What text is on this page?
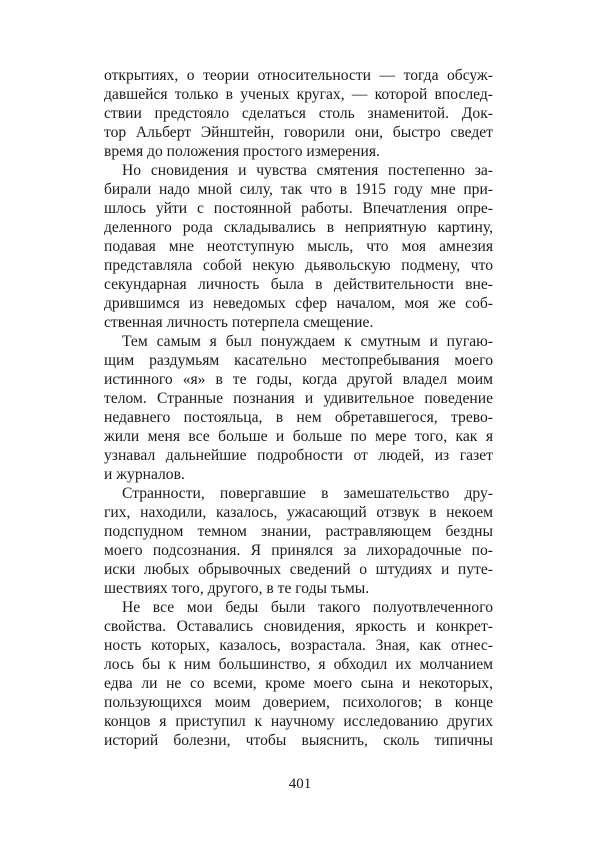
открытиях, о теории относительности — тогда обсуж-
давшейся только в ученых кругах, — которой впослед-
ствии предстояло сделаться столь знаменитой. Док-
тор Альберт Эйнштейн, говорили они, быстро сведет
время до положения простого измерения.
Но сновидения и чувства смятения постепенно за-
бирали надо мной силу, так что в 1915 году мне при-
шлось уйти с постоянной работы. Впечатления опре-
деленного рода складывались в неприятную картину,
подавая мне неотступную мысль, что моя амнезия
представляла собой некую дьявольскую подмену, что
секундарная личность была в действительности вне-
дрившимся из неведомых сфер началом, моя же соб-
ственная личность потерпела смещение.
Тем самым я был понуждаем к смутным и пугаю-
щим раздумьям касательно местопребывания моего
истинного «я» в те годы, когда другой владел моим
телом. Странные познания и удивительное поведение
недавнего постояльца, в нем обретавшегося, трево-
жили меня все больше и больше по мере того, как я
узнавал дальнейшие подробности от людей, из газет
и журналов.
Странности, повергавшие в замешательство дру-
гих, находили, казалось, ужасающий отзвук в некоем
подспудном темном знании, растравляющем бездны
моего подсознания. Я принялся за лихорадочные по-
иски любых обрывочных сведений о штудиях и путе-
шествиях того, другого, в те годы тьмы.
Не все мои беды были такого полуотвлеченного
свойства. Оставались сновидения, яркость и конкрет-
ность которых, казалось, возрастала. Зная, как отнес-
лось бы к ним большинство, я обходил их молчанием
едва ли не со всеми, кроме моего сына и некоторых,
пользующихся моим доверием, психологов; в конце
концов я приступил к научному исследованию других
историй болезни, чтобы выяснить, сколь типичны
401
